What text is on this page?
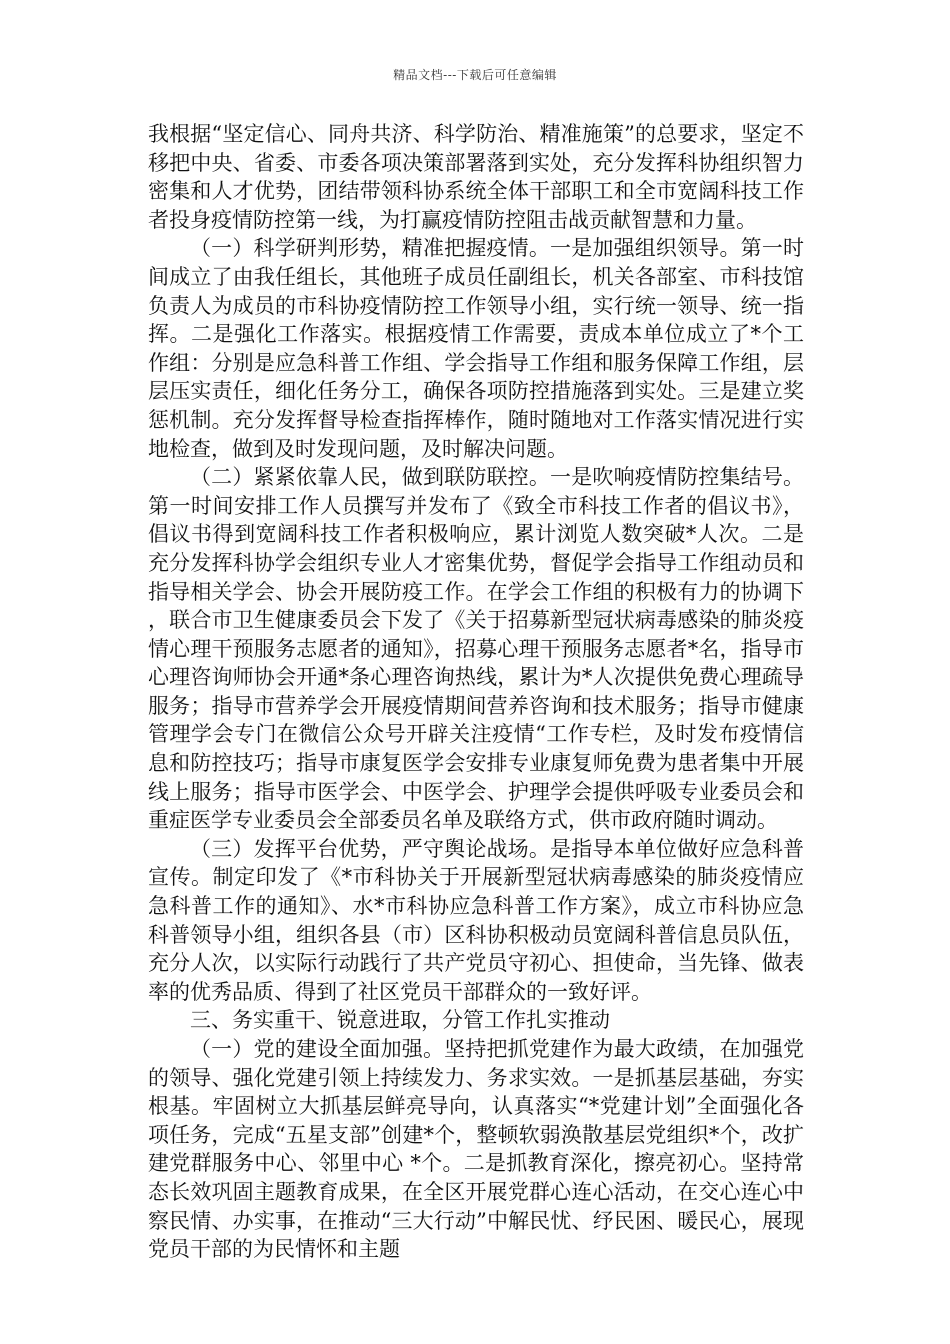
精品文档---下载后可任意编辑

我根据“坚定信心、同舟共济、科学防治、精准施策”的总要求，坚定不移把中央、省委、市委各项决策部署落到实处，充分发挥科协组织智力密集和人才优势，团结带领科协系统全体干部职工和全市宽阔科技工作者投身疫情防控第一线，为打赢疫情防控阻击战贡献智慧和力量。

（一）科学研判形势，精准把握疫情。一是加强组织领导。第一时间成立了由我任组长，其他班子成员任副组长，机关各部室、市科技馆负责人为成员的市科协疫情防控工作领导小组，实行统一领导、统一指挥。二是强化工作落实。根据疫情工作需要，责成本单位成立了*个工作组：分别是应急科普工作组、学会指导工作组和服务保障工作组，层层压实责任，细化任务分工，确保各项防控措施落到实处。三是建立奖惩机制。充分发挥督导检查指挥棒作，随时随地对工作落实情况进行实地检查，做到及时发现问题，及时解决问题。

（二）紧紧依靠人民，做到联防联控。一是吹响疫情防控集结号。第一时间安排工作人员撰写并发布了《致全市科技工作者的倡议书》，倡议书得到宽阔科技工作者积极响应，累计浏览人数突破*人次。二是充分发挥科协学会组织专业人才密集优势，督促学会指导工作组动员和指导相关学会、协会开展防疫工作。在学会工作组的积极有力的协调下，联合市卫生健康委员会下发了《关于招募新型冠状病毒感染的肺炎疫情心理干预服务志愿者的通知》，招募心理干预服务志愿者*名，指导市心理咨询师协会开通*条心理咨询热线，累计为*人次提供免费心理疏导服务；指导市营养学会开展疫情期间营养咨询和技术服务；指导市健康管理学会专门在微信公众号开辟关注疫情“工作专栏，及时发布疫情信息和防控技巧；指导市康复医学会安排专业康复师免费为患者集中开展线上服务；指导市医学会、中医学会、护理学会提供呼吸专业委员会和重症医学专业委员会全部委员名单及联络方式，供市政府随时调动。

（三）发挥平台优势，严守舆论战场。是指导本单位做好应急科普宣传。制定印发了《*市科协关于开展新型冠状病毒感染的肺炎疫情应急科普工作的通知》、水*市科协应急科普工作方案》，成立市科协应急科普领导小组，组织各县（市）区科协积极动员宽阔科普信息员队伍，充分人次，以实际行动践行了共产党员守初心、担使命，当先锋、做表率的优秀品质、得到了社区党员干部群众的一致好评。

三、务实重干、锐意进取，分管工作扎实推动

（一）党的建设全面加强。坚持把抓党建作为最大政绩，在加强党的领导、强化党建引领上持续发力、务求实效。一是抓基层基础，夯实根基。牢固树立大抓基层鲜亮导向，认真落实“*党建计划”全面强化各项任务，完成“五星支部”创建*个，整顿软弱涣散基层党组织*个，改扩建党群服务中心、邻里中心 *个。二是抓教育深化，擦亮初心。坚持常态长效巩固主题教育成果，在全区开展党群心连心活动，在交心连心中察民情、办实事，在推动“三大行动”中解民忧、纾民困、暖民心，展现党员干部的为民情怀和主题
